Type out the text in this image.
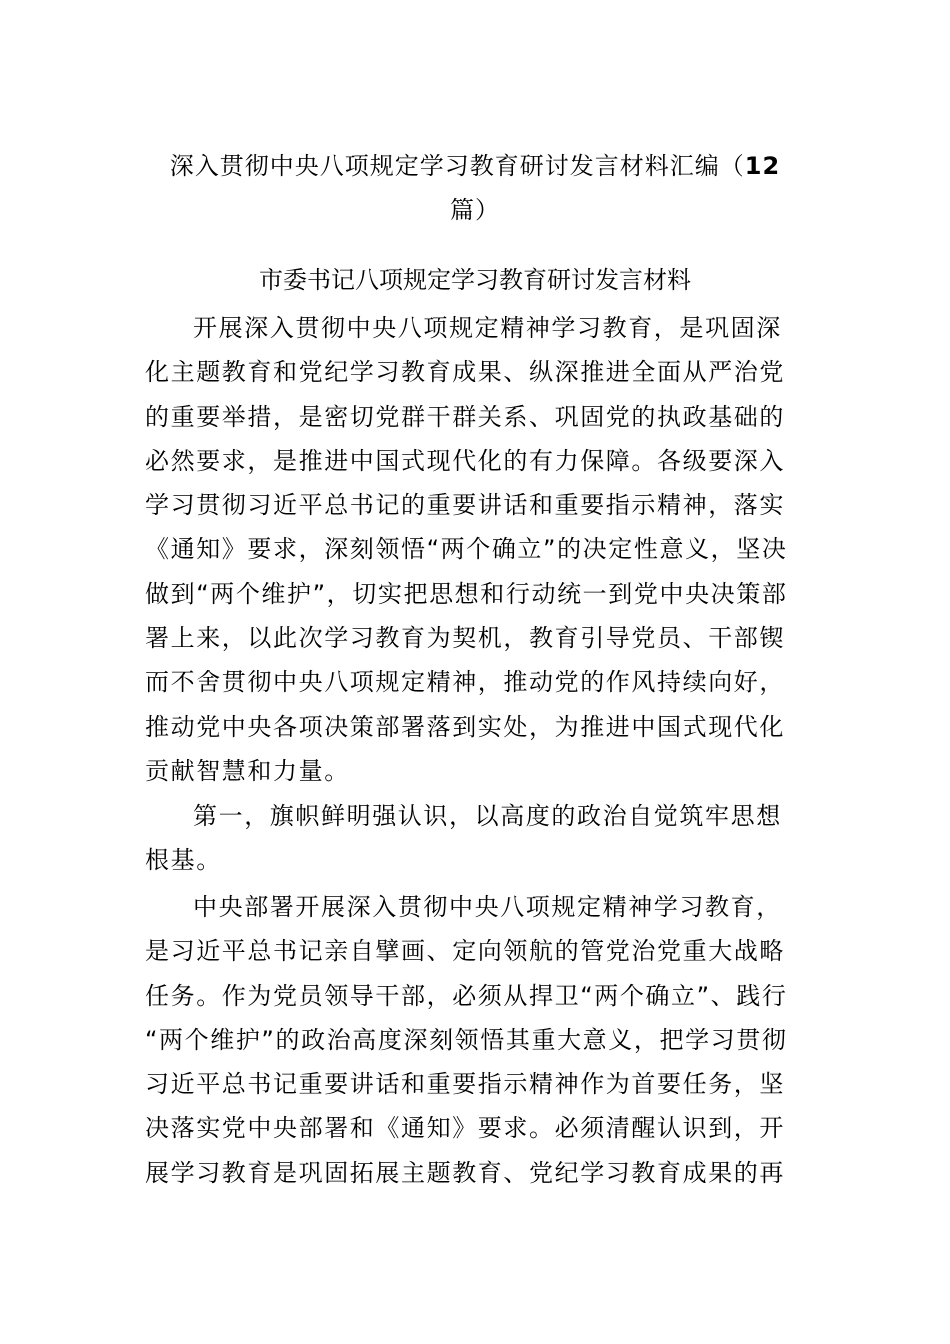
深入贯彻中央八项规定学习教育研讨发言材料汇编（12
篇）
市委书记八项规定学习教育研讨发言材料
开展深入贯彻中央八项规定精神学习教育，是巩固深
化主题教育和党纪学习教育成果、纵深推进全面从严治党
的重要举措，是密切党群干群关系、巩固党的执政基础的
必然要求，是推进中国式现代化的有力保障。各级要深入
学习贯彻习近平总书记的重要讲话和重要指示精神，落实
《通知》要求，深刻领悟“两个确立”的决定性意义，坚决
做到“两个维护”，切实把思想和行动统一到党中央决策部
署上来，以此次学习教育为契机，教育引导党员、干部锲
而不舍贯彻中央八项规定精神，推动党的作风持续向好，
推动党中央各项决策部署落到实处，为推进中国式现代化
贡献智慧和力量。
第一，旗帜鲜明强认识，以高度的政治自觉筑牢思想
根基。
中央部署开展深入贯彻中央八项规定精神学习教育，
是习近平总书记亲自擘画、定向领航的管党治党重大战略
任务。作为党员领导干部，必须从捍卫“两个确立”、践行
“两个维护”的政治高度深刻领悟其重大意义，把学习贯彻
习近平总书记重要讲话和重要指示精神作为首要任务，坚
决落实党中央部署和《通知》要求。必须清醒认识到，开
展学习教育是巩固拓展主题教育、党纪学习教育成果的再
